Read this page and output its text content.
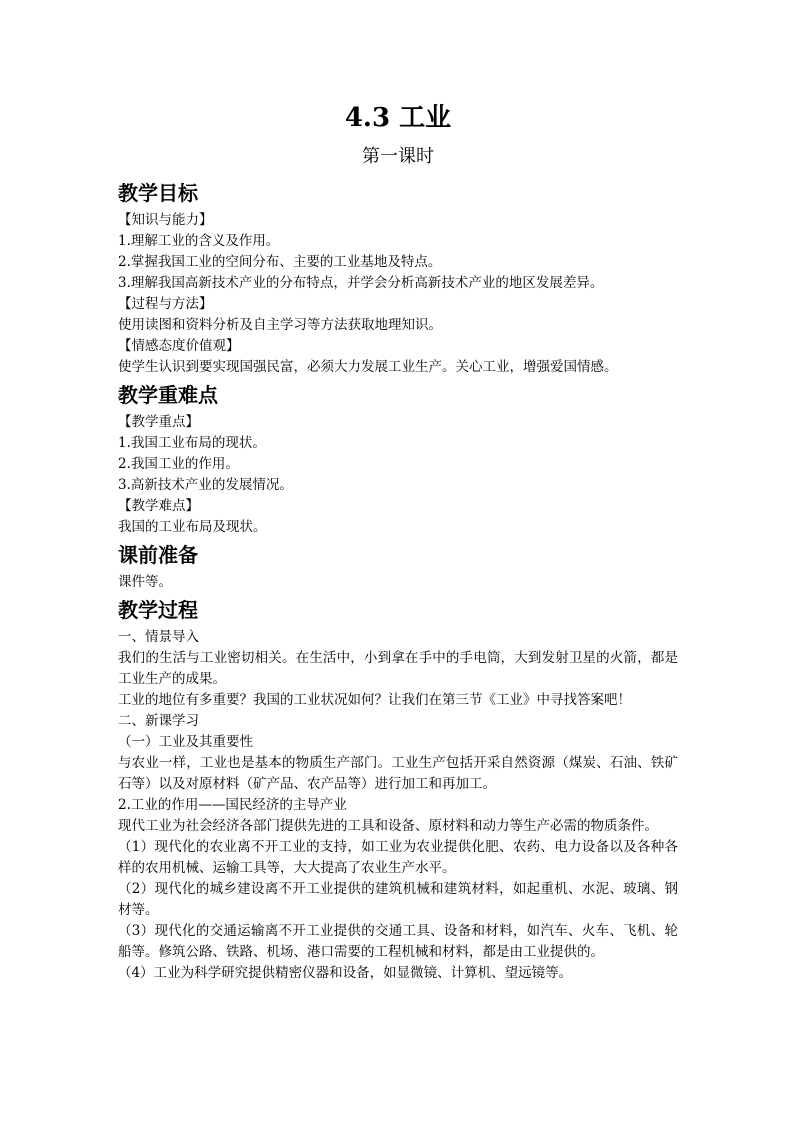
4.3 工业
第一课时
教学目标

【知识与能力】

1.理解工业的含义及作用。

2.掌握我国工业的空间分布、主要的工业基地及特点。

3.理解我国高新技术产业的分布特点，并学会分析高新技术产业的地区发展差异。

【过程与方法】

使用读图和资料分析及自主学习等方法获取地理知识。

【情感态度价值观】

使学生认识到要实现国强民富，必须大力发展工业生产。关心工业，增强爱国情感。

教学重难点

【教学重点】

1.我国工业布局的现状。

2.我国工业的作用。

3.高新技术产业的发展情况。

【教学难点】

我国的工业布局及现状。

课前准备

课件等。

教学过程

一、情景导入

我们的生活与工业密切相关。在生活中，小到拿在手中的手电筒，大到发射卫星的火箭，都是工业生产的成果。

工业的地位有多重要？我国的工业状况如何？让我们在第三节《工业》中寻找答案吧！

二、新课学习

（一）工业及其重要性

与农业一样，工业也是基本的物质生产部门。工业生产包括开采自然资源（煤炭、石油、铁矿石等）以及对原材料（矿产品、农产品等）进行加工和再加工。

2.工业的作用——国民经济的主导产业

现代工业为社会经济各部门提供先进的工具和设备、原材料和动力等生产必需的物质条件。

（1）现代化的农业离不开工业的支持，如工业为农业提供化肥、农药、电力设备以及各种各样的农用机械、运输工具等，大大提高了农业生产水平。

（2）现代化的城乡建设离不开工业提供的建筑机械和建筑材料，如起重机、水泥、玻璃、钢材等。

（3）现代化的交通运输离不开工业提供的交通工具、设备和材料，如汽车、火车、飞机、轮船等。修筑公路、铁路、机场、港口需要的工程机械和材料，都是由工业提供的。

（4）工业为科学研究提供精密仪器和设备，如显微镜、计算机、望远镜等。
